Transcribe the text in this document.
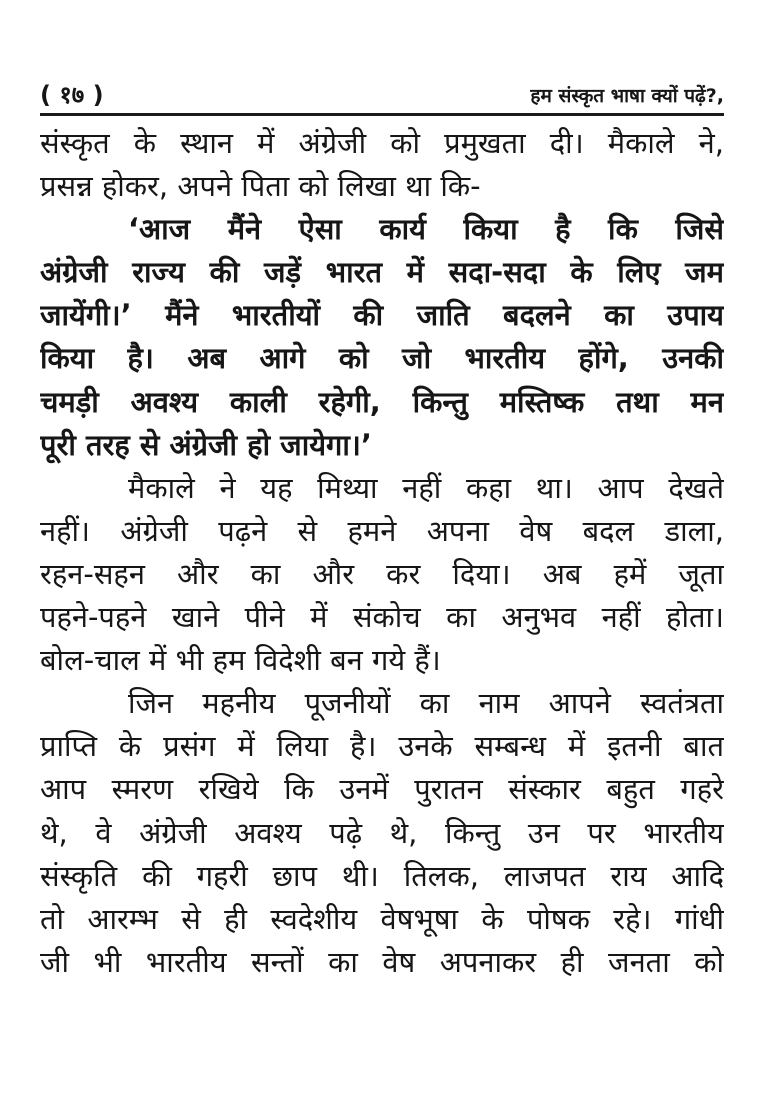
( १७ )	हम संस्कृत भाषा क्यों पढ़ें?,
संस्कृत के स्थान में अंग्रेजी को प्रमुखता दी। मैकाले ने,
प्रसन्न होकर, अपने पिता को लिखा था कि-
‘आज मैंने ऐसा कार्य किया है कि जिसे
अंग्रेजी राज्य की जड़ें भारत में सदा-सदा के लिए जम
जायेंगी।’ मैंने भारतीयों की जाति बदलने का उपाय
किया है। अब आगे को जो भारतीय होंगे, उनकी
चमड़ी अवश्य काली रहेगी, किन्तु मस्तिष्क तथा मन
पूरी तरह से अंग्रेजी हो जायेगा।’
मैकाले ने यह मिथ्या नहीं कहा था। आप देखते
नहीं। अंग्रेजी पढ़ने से हमने अपना वेष बदल डाला,
रहन-सहन और का और कर दिया। अब हमें जूता
पहने-पहने खाने पीने में संकोच का अनुभव नहीं होता।
बोल-चाल में भी हम विदेशी बन गये हैं।
जिन महनीय पूजनीयों का नाम आपने स्वतंत्रता
प्राप्ति के प्रसंग में लिया है। उनके सम्बन्ध में इतनी बात
आप स्मरण रखिये कि उनमें पुरातन संस्कार बहुत गहरे
थे, वे अंग्रेजी अवश्य पढ़े थे, किन्तु उन पर भारतीय
संस्कृति की गहरी छाप थी। तिलक, लाजपत राय आदि
तो आरम्भ से ही स्वदेशीय वेषभूषा के पोषक रहे। गांधी
जी भी भारतीय सन्तों का वेष अपनाकर ही जनता को
